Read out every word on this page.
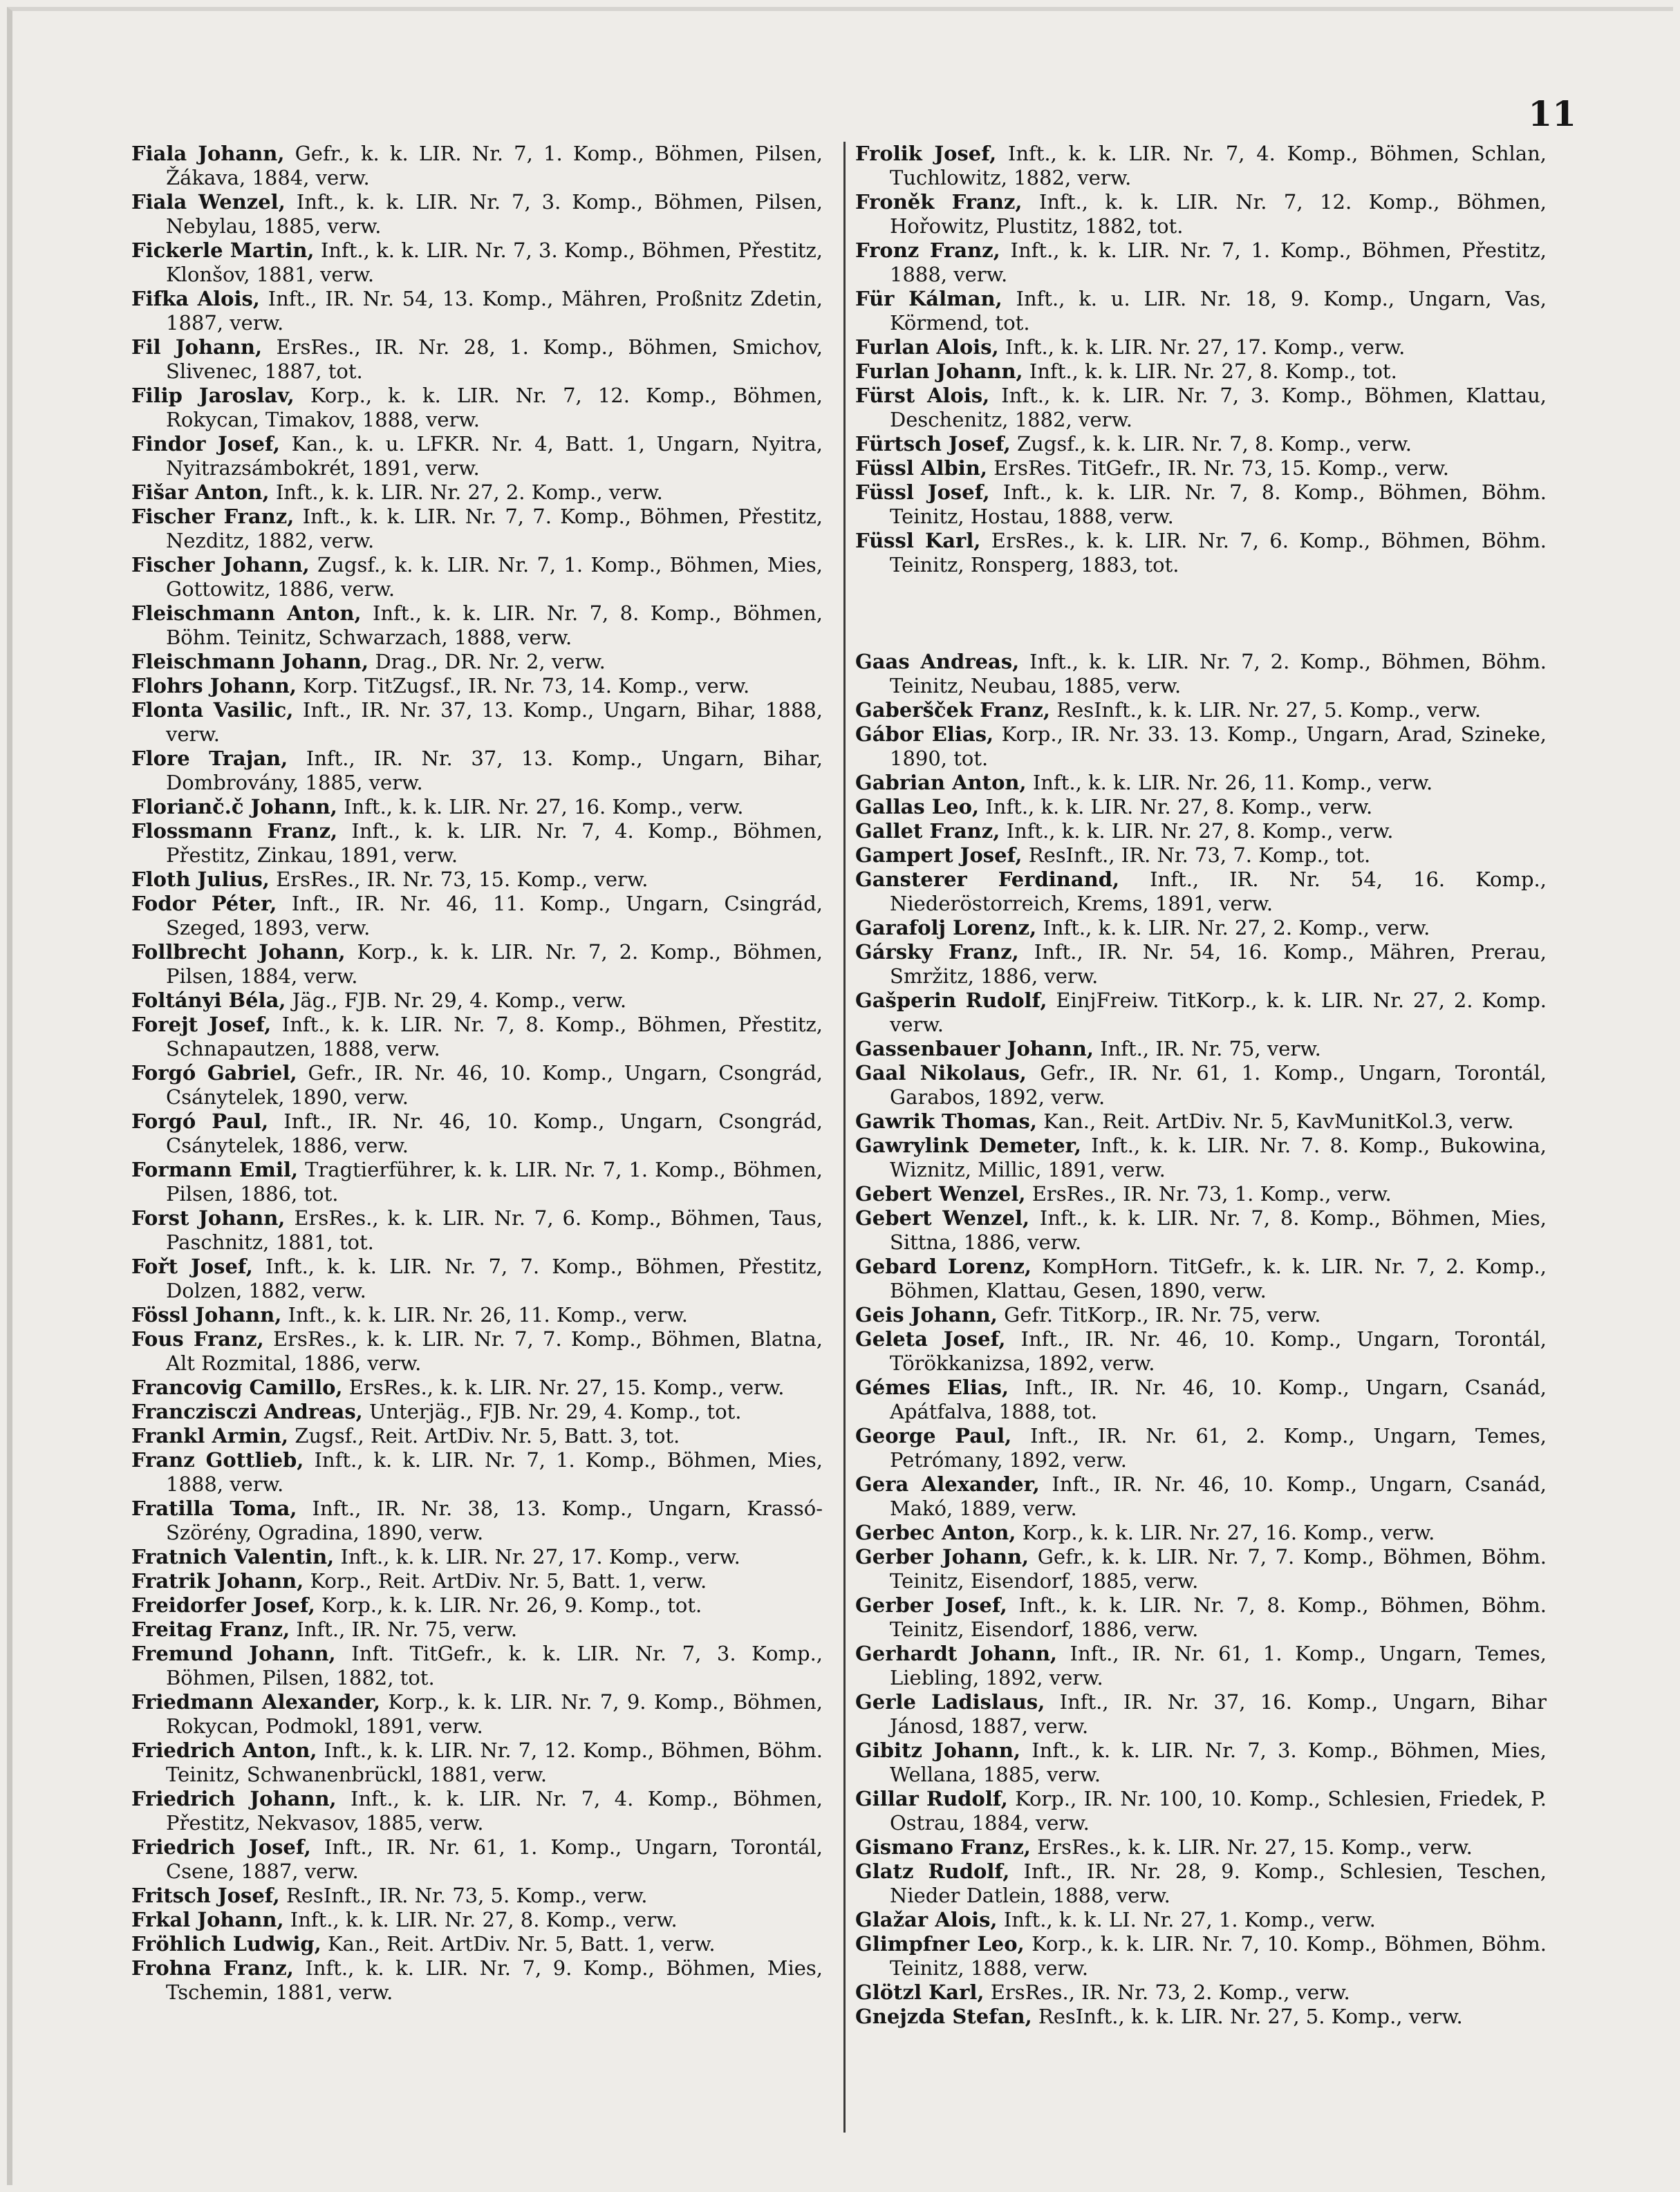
11

Fiala Johann, Gefr., k. k. LIR. Nr. 7, 1. Komp., Böhmen, Pilsen, Žákava, 1884, verw.

Fiala Wenzel, Inft., k. k. LIR. Nr. 7, 3. Komp., Böhmen, Pilsen, Nebylau, 1885, verw.

Fickerle Martin, Inft., k. k. LIR. Nr. 7, 3. Komp., Böhmen, Přestitz, Klonšov, 1881, verw.

Fifka Alois, Inft., IR. Nr. 54, 13. Komp., Mähren, Proßnitz Zdetin, 1887, verw.

Fil Johann, ErsRes., IR. Nr. 28, 1. Komp., Böhmen, Smichov, Slivenec, 1887, tot.

Filip Jaroslav, Korp., k. k. LIR. Nr. 7, 12. Komp., Böhmen, Rokycan, Timakov, 1888, verw.

Findor Josef, Kan., k. u. LFKR. Nr. 4, Batt. 1, Ungarn, Nyitra, Nyitrazsámbokrét, 1891, verw.

Fišar Anton, Inft., k. k. LIR. Nr. 27, 2. Komp., verw.

Fischer Franz, Inft., k. k. LIR. Nr. 7, 7. Komp., Böhmen, Přestitz, Nezditz, 1882, verw.

Fischer Johann, Zugsf., k. k. LIR. Nr. 7, 1. Komp., Böhmen, Mies, Gottowitz, 1886, verw.

Fleischmann Anton, Inft., k. k. LIR. Nr. 7, 8. Komp., Böhmen, Böhm. Teinitz, Schwarzach, 1888, verw.

Fleischmann Johann, Drag., DR. Nr. 2, verw.

Flohrs Johann, Korp. TitZugsf., IR. Nr. 73, 14. Komp., verw.

Flonta Vasilic, Inft., IR. Nr. 37, 13. Komp., Ungarn, Bihar, 1888, verw.

Flore Trajan, Inft., IR. Nr. 37, 13. Komp., Ungarn, Bihar, Dombrovány, 1885, verw.

Florianč.č Johann, Inft., k. k. LIR. Nr. 27, 16. Komp., verw.

Flossmann Franz, Inft., k. k. LIR. Nr. 7, 4. Komp., Böhmen, Přestitz, Zinkau, 1891, verw.

Floth Julius, ErsRes., IR. Nr. 73, 15. Komp., verw.

Fodor Péter, Inft., IR. Nr. 46, 11. Komp., Ungarn, Csingrád, Szeged, 1893, verw.

Follbrecht Johann, Korp., k. k. LIR. Nr. 7, 2. Komp., Böhmen, Pilsen, 1884, verw.

Foltányi Béla, Jäg., FJB. Nr. 29, 4. Komp., verw.

Forejt Josef, Inft., k. k. LIR. Nr. 7, 8. Komp., Böhmen, Přestitz, Schnapautzen, 1888, verw.

Forgó Gabriel, Gefr., IR. Nr. 46, 10. Komp., Ungarn, Csongrád, Csánytelek, 1890, verw.

Forgó Paul, Inft., IR. Nr. 46, 10. Komp., Ungarn, Csongrád, Csánytelek, 1886, verw.

Formann Emil, Tragtierführer, k. k. LIR. Nr. 7, 1. Komp., Böhmen, Pilsen, 1886, tot.

Forst Johann, ErsRes., k. k. LIR. Nr. 7, 6. Komp., Böhmen, Taus, Paschnitz, 1881, tot.

Fořt Josef, Inft., k. k. LIR. Nr. 7, 7. Komp., Böhmen, Přestitz, Dolzen, 1882, verw.

Fössl Johann, Inft., k. k. LIR. Nr. 26, 11. Komp., verw.

Fous Franz, ErsRes., k. k. LIR. Nr. 7, 7. Komp., Böhmen, Blatna, Alt Rozmital, 1886, verw.

Francovig Camillo, ErsRes., k. k. LIR. Nr. 27, 15. Komp., verw.

Franczisczi Andreas, Unterjäg., FJB. Nr. 29, 4. Komp., tot.

Frankl Armin, Zugsf., Reit. ArtDiv. Nr. 5, Batt. 3, tot.

Franz Gottlieb, Inft., k. k. LIR. Nr. 7, 1. Komp., Böhmen, Mies, 1888, verw.

Fratilla Toma, Inft., IR. Nr. 38, 13. Komp., Ungarn, Krassó-Szörény, Ogradina, 1890, verw.

Fratnich Valentin, Inft., k. k. LIR. Nr. 27, 17. Komp., verw.

Fratrik Johann, Korp., Reit. ArtDiv. Nr. 5, Batt. 1, verw.

Freidorfer Josef, Korp., k. k. LIR. Nr. 26, 9. Komp., tot.

Freitag Franz, Inft., IR. Nr. 75, verw.

Fremund Johann, Inft. TitGefr., k. k. LIR. Nr. 7, 3. Komp., Böhmen, Pilsen, 1882, tot.

Friedmann Alexander, Korp., k. k. LIR. Nr. 7, 9. Komp., Böhmen, Rokycan, Podmokl, 1891, verw.

Friedrich Anton, Inft., k. k. LIR. Nr. 7, 12. Komp., Böhmen, Böhm. Teinitz, Schwanenbrückl, 1881, verw.

Friedrich Johann, Inft., k. k. LIR. Nr. 7, 4. Komp., Böhmen, Přestitz, Nekvasov, 1885, verw.

Friedrich Josef, Inft., IR. Nr. 61, 1. Komp., Ungarn, Torontál, Csene, 1887, verw.

Fritsch Josef, ResInft., IR. Nr. 73, 5. Komp., verw.

Frkal Johann, Inft., k. k. LIR. Nr. 27, 8. Komp., verw.

Fröhlich Ludwig, Kan., Reit. ArtDiv. Nr. 5, Batt. 1, verw.

Frohna Franz, Inft., k. k. LIR. Nr. 7, 9. Komp., Böhmen, Mies, Tschemin, 1881, verw.

Frolik Josef, Inft., k. k. LIR. Nr. 7, 4. Komp., Böhmen, Schlan, Tuchlowitz, 1882, verw.

Froněk Franz, Inft., k. k. LIR. Nr. 7, 12. Komp., Böhmen, Hořowitz, Plustitz, 1882, tot.

Fronz Franz, Inft., k. k. LIR. Nr. 7, 1. Komp., Böhmen, Přestitz, 1888, verw.

Für Kálman, Inft., k. u. LIR. Nr. 18, 9. Komp., Ungarn, Vas, Körmend, tot.

Furlan Alois, Inft., k. k. LIR. Nr. 27, 17. Komp., verw.

Furlan Johann, Inft., k. k. LIR. Nr. 27, 8. Komp., tot.

Fürst Alois, Inft., k. k. LIR. Nr. 7, 3. Komp., Böhmen, Klattau, Deschenitz, 1882, verw.

Fürtsch Josef, Zugsf., k. k. LIR. Nr. 7, 8. Komp., verw.

Füssl Albin, ErsRes. TitGefr., IR. Nr. 73, 15. Komp., verw.

Füssl Josef, Inft., k. k. LIR. Nr. 7, 8. Komp., Böhmen, Böhm. Teinitz, Hostau, 1888, verw.

Füssl Karl, ErsRes., k. k. LIR. Nr. 7, 6. Komp., Böhmen, Böhm. Teinitz, Ronsperg, 1883, tot.

Gaas Andreas, Inft., k. k. LIR. Nr. 7, 2. Komp., Böhmen, Böhm. Teinitz, Neubau, 1885, verw.

Gaberšček Franz, ResInft., k. k. LIR. Nr. 27, 5. Komp., verw.

Gábor Elias, Korp., IR. Nr. 33. 13. Komp., Ungarn, Arad, Szineke, 1890, tot.

Gabrian Anton, Inft., k. k. LIR. Nr. 26, 11. Komp., verw.

Gallas Leo, Inft., k. k. LIR. Nr. 27, 8. Komp., verw.

Gallet Franz, Inft., k. k. LIR. Nr. 27, 8. Komp., verw.

Gampert Josef, ResInft., IR. Nr. 73, 7. Komp., tot.

Gansterer Ferdinand, Inft., IR. Nr. 54, 16. Komp., Niederöstorreich, Krems, 1891, verw.

Garafolj Lorenz, Inft., k. k. LIR. Nr. 27, 2. Komp., verw.

Gársky Franz, Inft., IR. Nr. 54, 16. Komp., Mähren, Prerau, Smržitz, 1886, verw.

Gašperin Rudolf, EinjFreiw. TitKorp., k. k. LIR. Nr. 27, 2. Komp. verw.

Gassenbauer Johann, Inft., IR. Nr. 75, verw.

Gaal Nikolaus, Gefr., IR. Nr. 61, 1. Komp., Ungarn, Torontál, Garabos, 1892, verw.

Gawrik Thomas, Kan., Reit. ArtDiv. Nr. 5, KavMunitKol.3, verw.

Gawrylink Demeter, Inft., k. k. LIR. Nr. 7. 8. Komp., Bukowina, Wiznitz, Millic, 1891, verw.

Gebert Wenzel, ErsRes., IR. Nr. 73, 1. Komp., verw.

Gebert Wenzel, Inft., k. k. LIR. Nr. 7, 8. Komp., Böhmen, Mies, Sittna, 1886, verw.

Gebard Lorenz, KompHorn. TitGefr., k. k. LIR. Nr. 7, 2. Komp., Böhmen, Klattau, Gesen, 1890, verw.

Geis Johann, Gefr. TitKorp., IR. Nr. 75, verw.

Geleta Josef, Inft., IR. Nr. 46, 10. Komp., Ungarn, Torontál, Törökkanizsa, 1892, verw.

Gémes Elias, Inft., IR. Nr. 46, 10. Komp., Ungarn, Csanád, Apátfalva, 1888, tot.

George Paul, Inft., IR. Nr. 61, 2. Komp., Ungarn, Temes, Petrómany, 1892, verw.

Gera Alexander, Inft., IR. Nr. 46, 10. Komp., Ungarn, Csanád, Makó, 1889, verw.

Gerbec Anton, Korp., k. k. LIR. Nr. 27, 16. Komp., verw.

Gerber Johann, Gefr., k. k. LIR. Nr. 7, 7. Komp., Böhmen, Böhm. Teinitz, Eisendorf, 1885, verw.

Gerber Josef, Inft., k. k. LIR. Nr. 7, 8. Komp., Böhmen, Böhm. Teinitz, Eisendorf, 1886, verw.

Gerhardt Johann, Inft., IR. Nr. 61, 1. Komp., Ungarn, Temes, Liebling, 1892, verw.

Gerle Ladislaus, Inft., IR. Nr. 37, 16. Komp., Ungarn, Bihar Jánosd, 1887, verw.

Gibitz Johann, Inft., k. k. LIR. Nr. 7, 3. Komp., Böhmen, Mies, Wellana, 1885, verw.

Gillar Rudolf, Korp., IR. Nr. 100, 10. Komp., Schlesien, Friedek, P. Ostrau, 1884, verw.

Gismano Franz, ErsRes., k. k. LIR. Nr. 27, 15. Komp., verw.

Glatz Rudolf, Inft., IR. Nr. 28, 9. Komp., Schlesien, Teschen, Nieder Datlein, 1888, verw.

Glažar Alois, Inft., k. k. LI. Nr. 27, 1. Komp., verw.

Glimpfner Leo, Korp., k. k. LIR. Nr. 7, 10. Komp., Böhmen, Böhm. Teinitz, 1888, verw.

Glötzl Karl, ErsRes., IR. Nr. 73, 2. Komp., verw.

Gnejzda Stefan, ResInft., k. k. LIR. Nr. 27, 5. Komp., verw.
